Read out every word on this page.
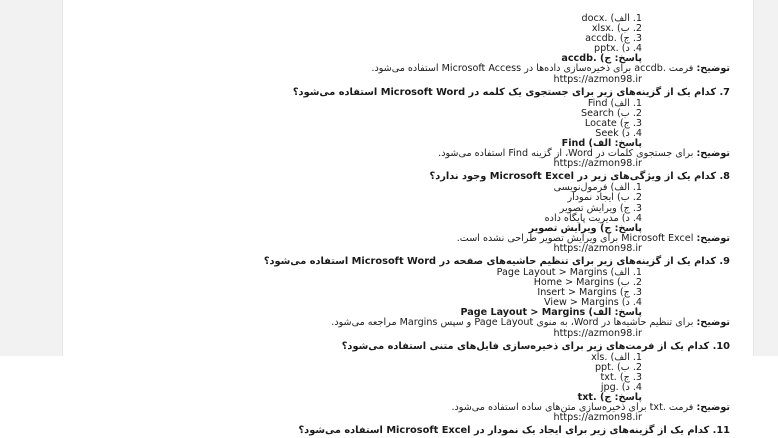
1. الف) .docx

2. ب) .xlsx

3. ج) .accdb

4. د) .pptx

پاسخ: ج) .accdb

توضیح: فرمت .accdb برای ذخیره‌سازی داده‌ها در Microsoft Access استفاده می‌شود.

https://azmon98.ir

7. کدام یک از گزینه‌های زیر برای جستجوی یک کلمه در Microsoft Word استفاده می‌شود؟

1. الف) Find

2. ب) Search

3. ج) Locate

4. د) Seek

پاسخ: الف) Find

توضیح: برای جستجوی کلمات در Word، از گزینه Find استفاده می‌شود.

https://azmon98.ir

8. کدام یک از ویژگی‌های زیر در Microsoft Excel وجود ندارد؟

1. الف) فرمول‌نویسی

2. ب) ایجاد نمودار

3. ج) ویرایش تصویر

4. د) مدیریت پایگاه داده

پاسخ: ج) ویرایش تصویر

توضیح: Microsoft Excel برای ویرایش تصویر طراحی نشده است.

https://azmon98.ir

9. کدام یک از گزینه‌های زیر برای تنظیم حاشیه‌های صفحه در Microsoft Word استفاده می‌شود؟

1. الف) Page Layout > Margins

2. ب) Home > Margins

3. ج) Insert > Margins

4. د) View > Margins

پاسخ: الف) Page Layout > Margins

توضیح: برای تنظیم حاشیه‌ها در Word، به منوی Page Layout و سپس Margins مراجعه می‌شود.

https://azmon98.ir

10. کدام یک از فرمت‌های زیر برای ذخیره‌سازی فایل‌های متنی استفاده می‌شود؟

1. الف) .xls

2. ب) .ppt

3. ج) .txt

4. د) .jpg

پاسخ: ج) .txt

توضیح: فرمت .txt برای ذخیره‌سازی متن‌های ساده استفاده می‌شود.

https://azmon98.ir

11. کدام یک از گزینه‌های زیر برای ایجاد یک نمودار در Microsoft Excel استفاده می‌شود؟
